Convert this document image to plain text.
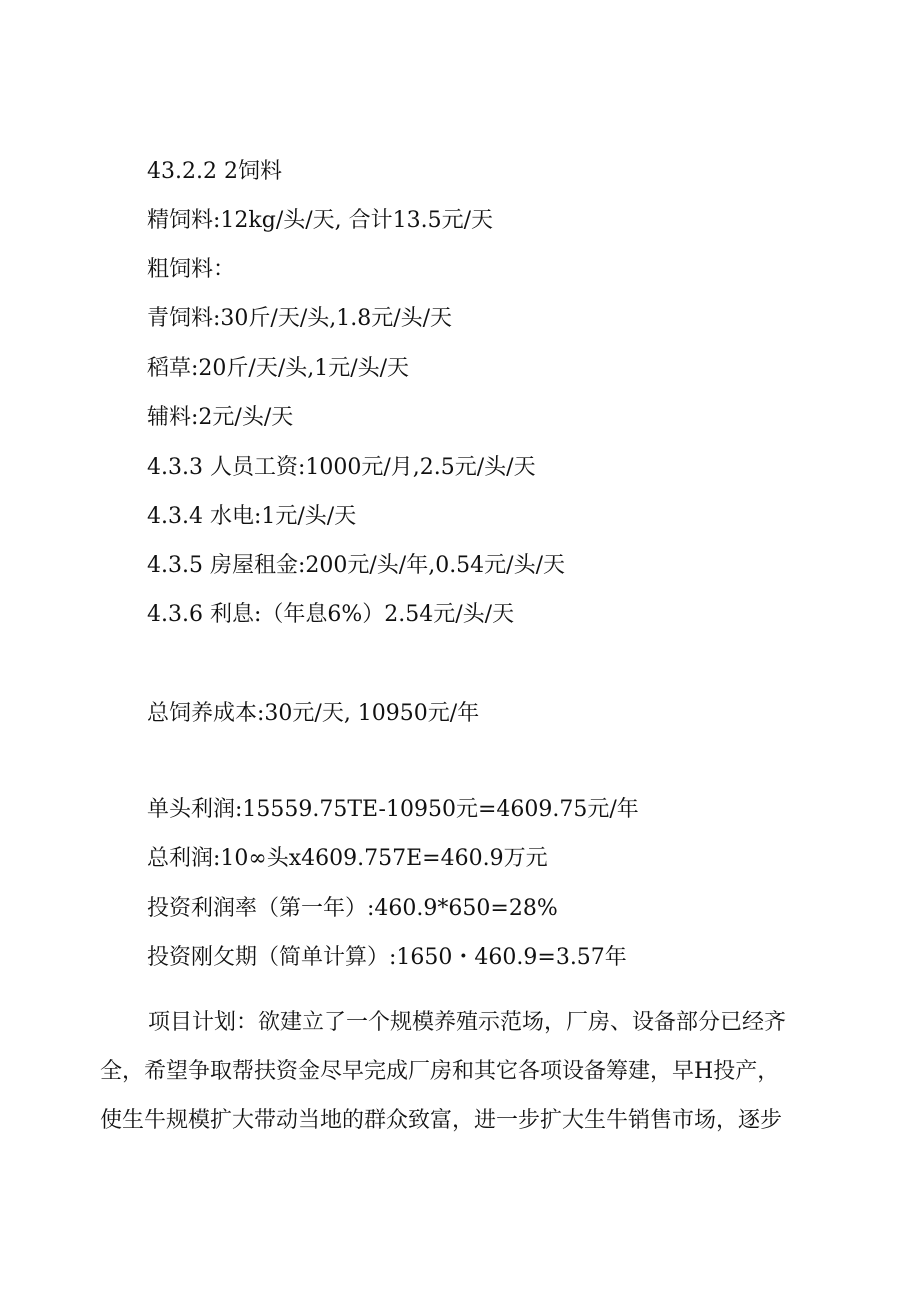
43.2.2 2饲料
精饲料:12kg/头/天, 合计13.5元/天
粗饲料：
青饲料:30斤/天/头,1.8元/头/天
稻草:20斤/天/头,1元/头/天
辅料:2元/头/天
4.3.3 人员工资:1000元/月,2.5元/头/天
4.3.4 水电:1元/头/天
4.3.5 房屋租金:200元/头/年,0.54元/头/天
4.3.6 利息:（年息6%）2.54元/头/天
总饲养成本:30元/天, 10950元/年
单头利润:15559.75TE-10950元=4609.75元/年
总利润:10∞头x4609.757E=460.9万元
投资利润率（第一年）:460.9*650=28%
投资刚攵期（简单计算）:1650・460.9=3.57年
项目计划：欲建立了一个规模养殖示范场，厂房、设备部分已经齐
全，希望争取帮扶资金尽早完成厂房和其它各项设备筹建，早H投产，
使生牛规模扩大带动当地的群众致富，进一步扩大生牛销售市场，逐步
